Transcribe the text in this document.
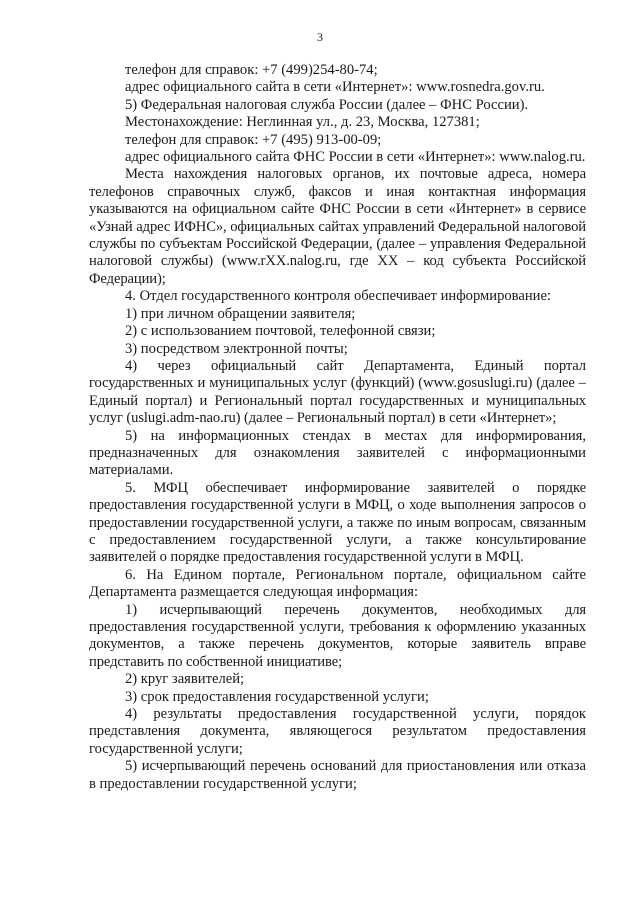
3

телефон для справок: +7 (499)254-80-74;

адрес официального сайта в сети «Интернет»: www.rosnedra.gov.ru.

5) Федеральная налоговая служба России (далее – ФНС России).

Местонахождение: Неглинная ул., д. 23, Москва, 127381;

телефон для справок: +7 (495) 913-00-09;

адрес официального сайта ФНС России в сети «Интернет»: www.nalog.ru.

Места нахождения налоговых органов, их почтовые адреса, номера телефонов справочных служб, факсов и иная контактная информация указываются на официальном сайте ФНС России в сети «Интернет» в сервисе «Узнай адрес ИФНС», официальных сайтах управлений Федеральной налоговой службы по субъектам Российской Федерации, (далее – управления Федеральной налоговой службы) (www.rXX.nalog.ru, где XX – код субъекта Российской Федерации);

4. Отдел государственного контроля обеспечивает информирование:

1) при личном обращении заявителя;

2) с использованием почтовой, телефонной связи;

3) посредством электронной почты;

4) через официальный сайт Департамента, Единый портал государственных и муниципальных услуг (функций) (www.gosuslugi.ru) (далее – Единый портал) и Региональный портал государственных и муниципальных услуг (uslugi.adm-nao.ru) (далее – Региональный портал) в сети «Интернет»;

5) на информационных стендах в местах для информирования, предназначенных для ознакомления заявителей с информационными материалами.

5. МФЦ обеспечивает информирование заявителей о порядке предоставления государственной услуги в МФЦ, о ходе выполнения запросов о предоставлении государственной услуги, а также по иным вопросам, связанным с предоставлением государственной услуги, а также консультирование заявителей о порядке предоставления государственной услуги в МФЦ.

6. На Едином портале, Региональном портале, официальном сайте Департамента размещается следующая информация:

1) исчерпывающий перечень документов, необходимых для предоставления государственной услуги, требования к оформлению указанных документов, а также перечень документов, которые заявитель вправе представить по собственной инициативе;

2) круг заявителей;

3) срок предоставления государственной услуги;

4) результаты предоставления государственной услуги, порядок представления документа, являющегося результатом предоставления государственной услуги;

5) исчерпывающий перечень оснований для приостановления или отказа в предоставлении государственной услуги;
